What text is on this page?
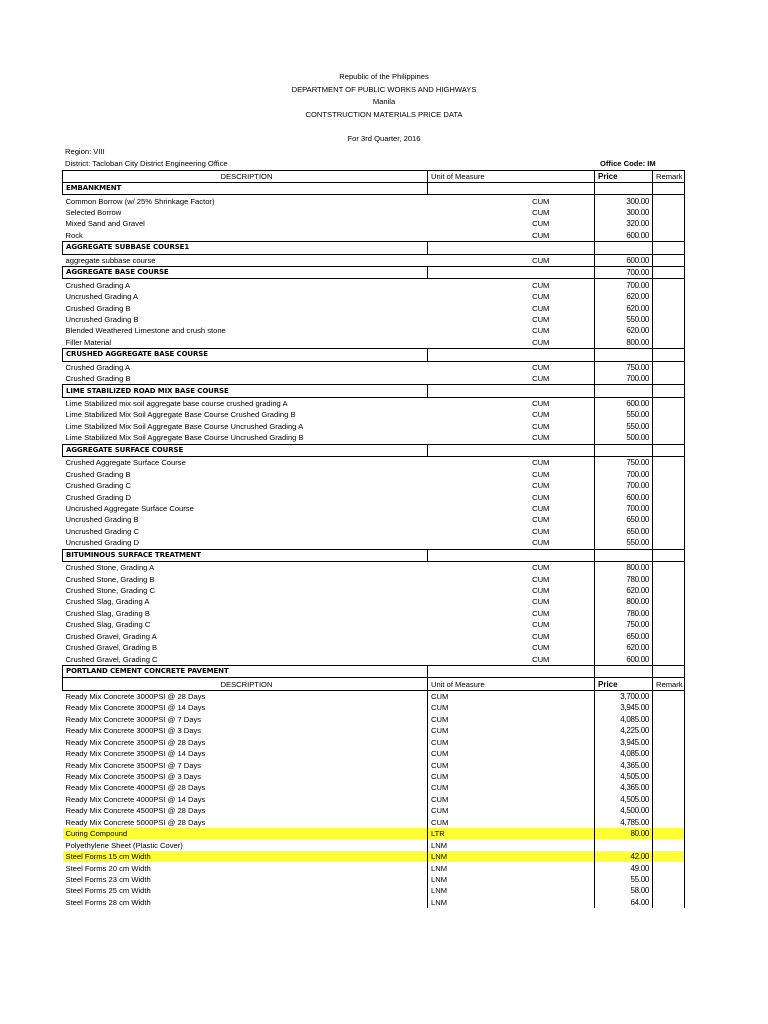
Republic of the Philippines
DEPARTMENT OF PUBLIC WORKS AND HIGHWAYS
Manila
CONTSTRUCTION MATERIALS PRICE DATA
For 3rd Quarter, 2016
Region: VIII
District: Tacloban City District Engineering Office	Office Code: IM
DESCRIPTION	Unit of Measure	Price	Remark
EMBANKMENT			
Common Borrow (w/ 25% Shrinkage Factor)	CUM	300.00	
Selected Borrow	CUM	300.00	
Mixed Sand and Gravel	CUM	320.00	
Rock	CUM	600.00	
AGGREGATE SUBBASE COURSE1			
aggregate subbase course	CUM	600.00	
AGGREGATE BASE COURSE		700.00	
Crushed Grading A	CUM	700.00	
Uncrushed Grading A	CUM	620.00	
Crushed Grading B	CUM	620.00	
Uncrushed Grading B	CUM	550.00	
Blended Weathered Limestone and crush stone	CUM	620.00	
Filler Material	CUM	800.00	
CRUSHED AGGREGATE BASE COURSE			
Crushed Grading A	CUM	750.00	
Crushed Grading B	CUM	700.00	
LIME STABILIZED ROAD MIX BASE COURSE			
Lime Stabilized mix soil aggregate base course crushed grading A	CUM	600.00	
Lime Stabilized Mix Soil Aggregate Base Course Crushed Grading B	CUM	550.00	
Lime Stabilized Mix Soil Aggregate Base Course Uncrushed Grading A	CUM	550.00	
Lime Stabilized Mix Soil Aggregate Base Course Uncrushed Grading B	CUM	500.00	
AGGREGATE SURFACE COURSE			
Crushed Aggregate Surface Course	CUM	750.00	
Crushed Grading B	CUM	700.00	
Crushed Grading C	CUM	700.00	
Crushed Grading D	CUM	600.00	
Uncrushed Aggregate Surface Course	CUM	700.00	
Uncrushed Grading B	CUM	650.00	
Uncrushed Grading C	CUM	650.00	
Uncrushed Grading D	CUM	550.00	
BITUMINOUS SURFACE TREATMENT			
Crushed Stone, Grading A	CUM	800.00	
Crushed Stone, Grading B	CUM	780.00	
Crushed Stone, Grading C	CUM	620.00	
Crushed Slag, Grading A	CUM	800.00	
Crushed Slag, Grading B	CUM	780.00	
Crushed Slag, Grading C	CUM	750.00	
Crushed Gravel, Grading A	CUM	650.00	
Crushed Gravel, Grading B	CUM	620.00	
Crushed Gravel, Grading C	CUM	600.00	
PORTLAND CEMENT CONCRETE PAVEMENT			
DESCRIPTION	Unit of Measure	Price	Remark
Ready Mix Concrete 3000PSI @ 28 Days	CUM	3,700.00	
Ready Mix Concrete 3000PSI @ 14 Days	CUM	3,945.00	
Ready Mix Concrete 3000PSI @ 7 Days	CUM	4,085.00	
Ready Mix Concrete 3000PSI @ 3 Days	CUM	4,225.00	
Ready Mix Concrete 3500PSI @ 28 Days	CUM	3,945.00	
Ready Mix Concrete 3500PSI @ 14 Days	CUM	4,085.00	
Ready Mix Concrete 3500PSI @ 7 Days	CUM	4,365.00	
Ready Mix Concrete 3500PSI @ 3 Days	CUM	4,505.00	
Ready Mix Concrete 4000PSI @ 28 Days	CUM	4,365.00	
Ready Mix Concrete 4000PSI @ 14 Days	CUM	4,505.00	
Ready Mix Concrete 4500PSI @ 28 Days	CUM	4,500.00	
Ready Mix Concrete 5000PSI @ 28 Days	CUM	4,785.00	
Curing Compound	LTR	80.00	
Polyethylene Sheet (Plastic Cover)	LNM		
Steel Forms 15 cm Width	LNM	42.00	
Steel Forms 20 cm Width	LNM	49.00	
Steel Forms 23 cm Width	LNM	55.00	
Steel Forms 25 cm Width	LNM	58.00	
Steel Forms 28 cm Width	LNM	64.00	
